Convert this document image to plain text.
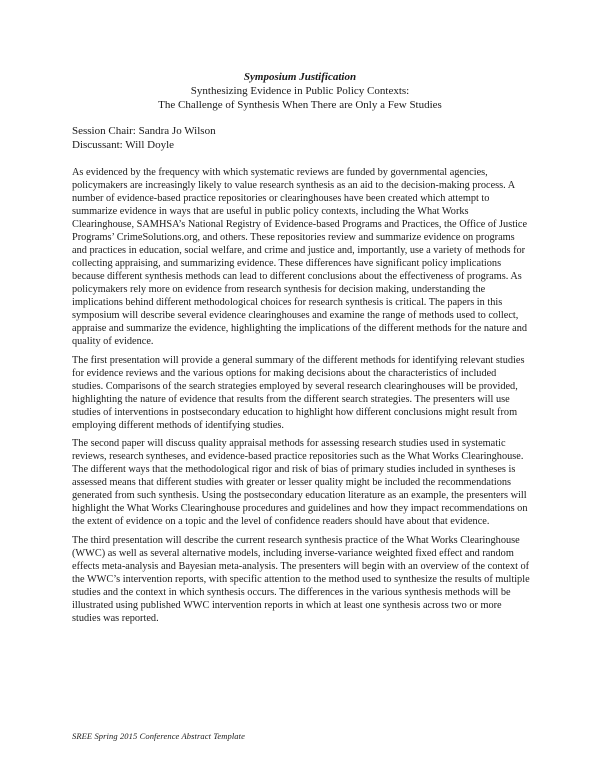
Symposium Justification
Synthesizing Evidence in Public Policy Contexts:
The Challenge of Synthesis When There are Only a Few Studies
Session Chair: Sandra Jo Wilson
Discussant: Will Doyle

As evidenced by the frequency with which systematic reviews are funded by governmental agencies, policymakers are increasingly likely to value research synthesis as an aid to the decision-making process. A number of evidence-based practice repositories or clearinghouses have been created which attempt to summarize evidence in ways that are useful in public policy contexts, including the What Works Clearinghouse, SAMHSA’s National Registry of Evidence-based Programs and Practices, the Office of Justice Programs’ CrimeSolutions.org, and others. These repositories review and summarize evidence on programs and practices in education, social welfare, and crime and justice and, importantly, use a variety of methods for collecting appraising, and summarizing evidence. These differences have significant policy implications because different synthesis methods can lead to different conclusions about the effectiveness of programs. As policymakers rely more on evidence from research synthesis for decision making, understanding the implications behind different methodological choices for research synthesis is critical. The papers in this symposium will describe several evidence clearinghouses and examine the range of methods used to collect, appraise and summarize the evidence, highlighting the implications of the different methods for the nature and quality of evidence.

The first presentation will provide a general summary of the different methods for identifying relevant studies for evidence reviews and the various options for making decisions about the characteristics of included studies. Comparisons of the search strategies employed by several research clearinghouses will be provided, highlighting the nature of evidence that results from the different search strategies. The presenters will use studies of interventions in postsecondary education to highlight how different conclusions might result from employing different methods of identifying studies.

The second paper will discuss quality appraisal methods for assessing research studies used in systematic reviews, research syntheses, and evidence-based practice repositories such as the What Works Clearinghouse. The different ways that the methodological rigor and risk of bias of primary studies included in syntheses is assessed means that different studies with greater or lesser quality might be included the recommendations generated from such synthesis. Using the postsecondary education literature as an example, the presenters will highlight the What Works Clearinghouse procedures and guidelines and how they impact recommendations on the extent of evidence on a topic and the level of confidence readers should have about that evidence.

The third presentation will describe the current research synthesis practice of the What Works Clearinghouse (WWC) as well as several alternative models, including inverse-variance weighted fixed effect and random effects meta-analysis and Bayesian meta-analysis. The presenters will begin with an overview of the context of the WWC’s intervention reports, with specific attention to the method used to synthesize the results of multiple studies and the context in which synthesis occurs. The differences in the various synthesis methods will be illustrated using published WWC intervention reports in which at least one synthesis across two or more studies was reported.

SREE Spring 2015 Conference Abstract Template
